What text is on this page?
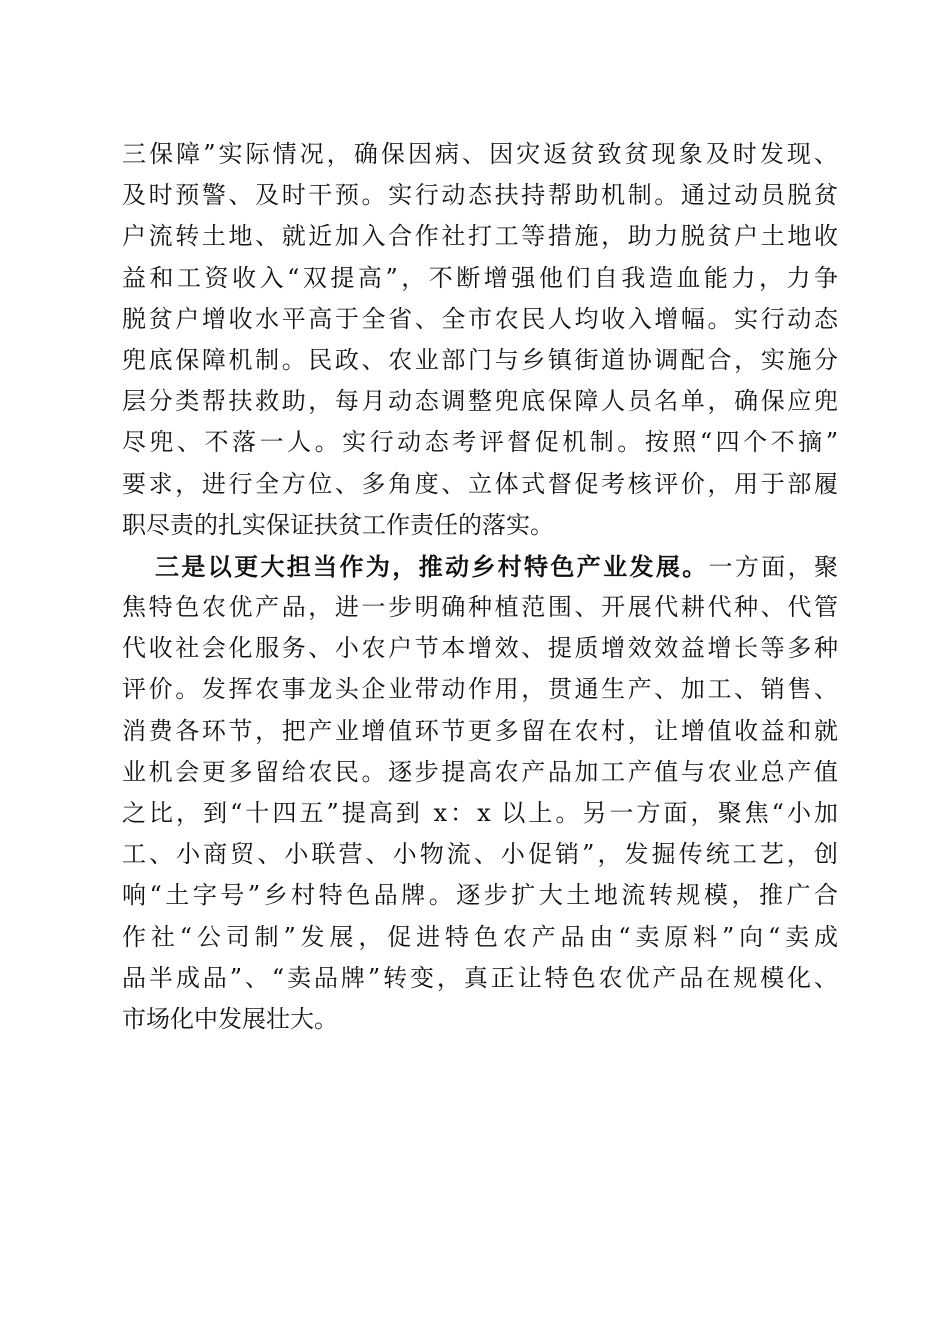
三保障”实际情况，确保因病、因灾返贫致贫现象及时发现、
及时预警、及时干预。实行动态扶持帮助机制。通过动员脱贫
户流转土地、就近加入合作社打工等措施，助力脱贫户土地收
益和工资收入“双提高”，不断增强他们自我造血能力，力争
脱贫户增收水平高于全省、全市农民人均收入增幅。实行动态
兜底保障机制。民政、农业部门与乡镇街道协调配合，实施分
层分类帮扶救助，每月动态调整兜底保障人员名单，确保应兜
尽兜、不落一人。实行动态考评督促机制。按照“四个不摘”
要求，进行全方位、多角度、立体式督促考核评价，用于部履
职尽责的扎实保证扶贫工作责任的落实。
三是以更大担当作为，推动乡村特色产业发展。一方面，聚
焦特色农优产品，进一步明确种植范围、开展代耕代种、代管
代收社会化服务、小农户节本增效、提质增效效益增长等多种
评价。发挥农事龙头企业带动作用，贯通生产、加工、销售、
消费各环节，把产业增值环节更多留在农村，让增值收益和就
业机会更多留给农民。逐步提高农产品加工产值与农业总产值
之比，到“十四五”提高到 x：x 以上。另一方面，聚焦“小加
工、小商贸、小联营、小物流、小促销”，发掘传统工艺，创
响“土字号”乡村特色品牌。逐步扩大土地流转规模，推广合
作社“公司制”发展，促进特色农产品由“卖原料”向“卖成
品半成品”、“卖品牌”转变，真正让特色农优产品在规模化、
市场化中发展壮大。
